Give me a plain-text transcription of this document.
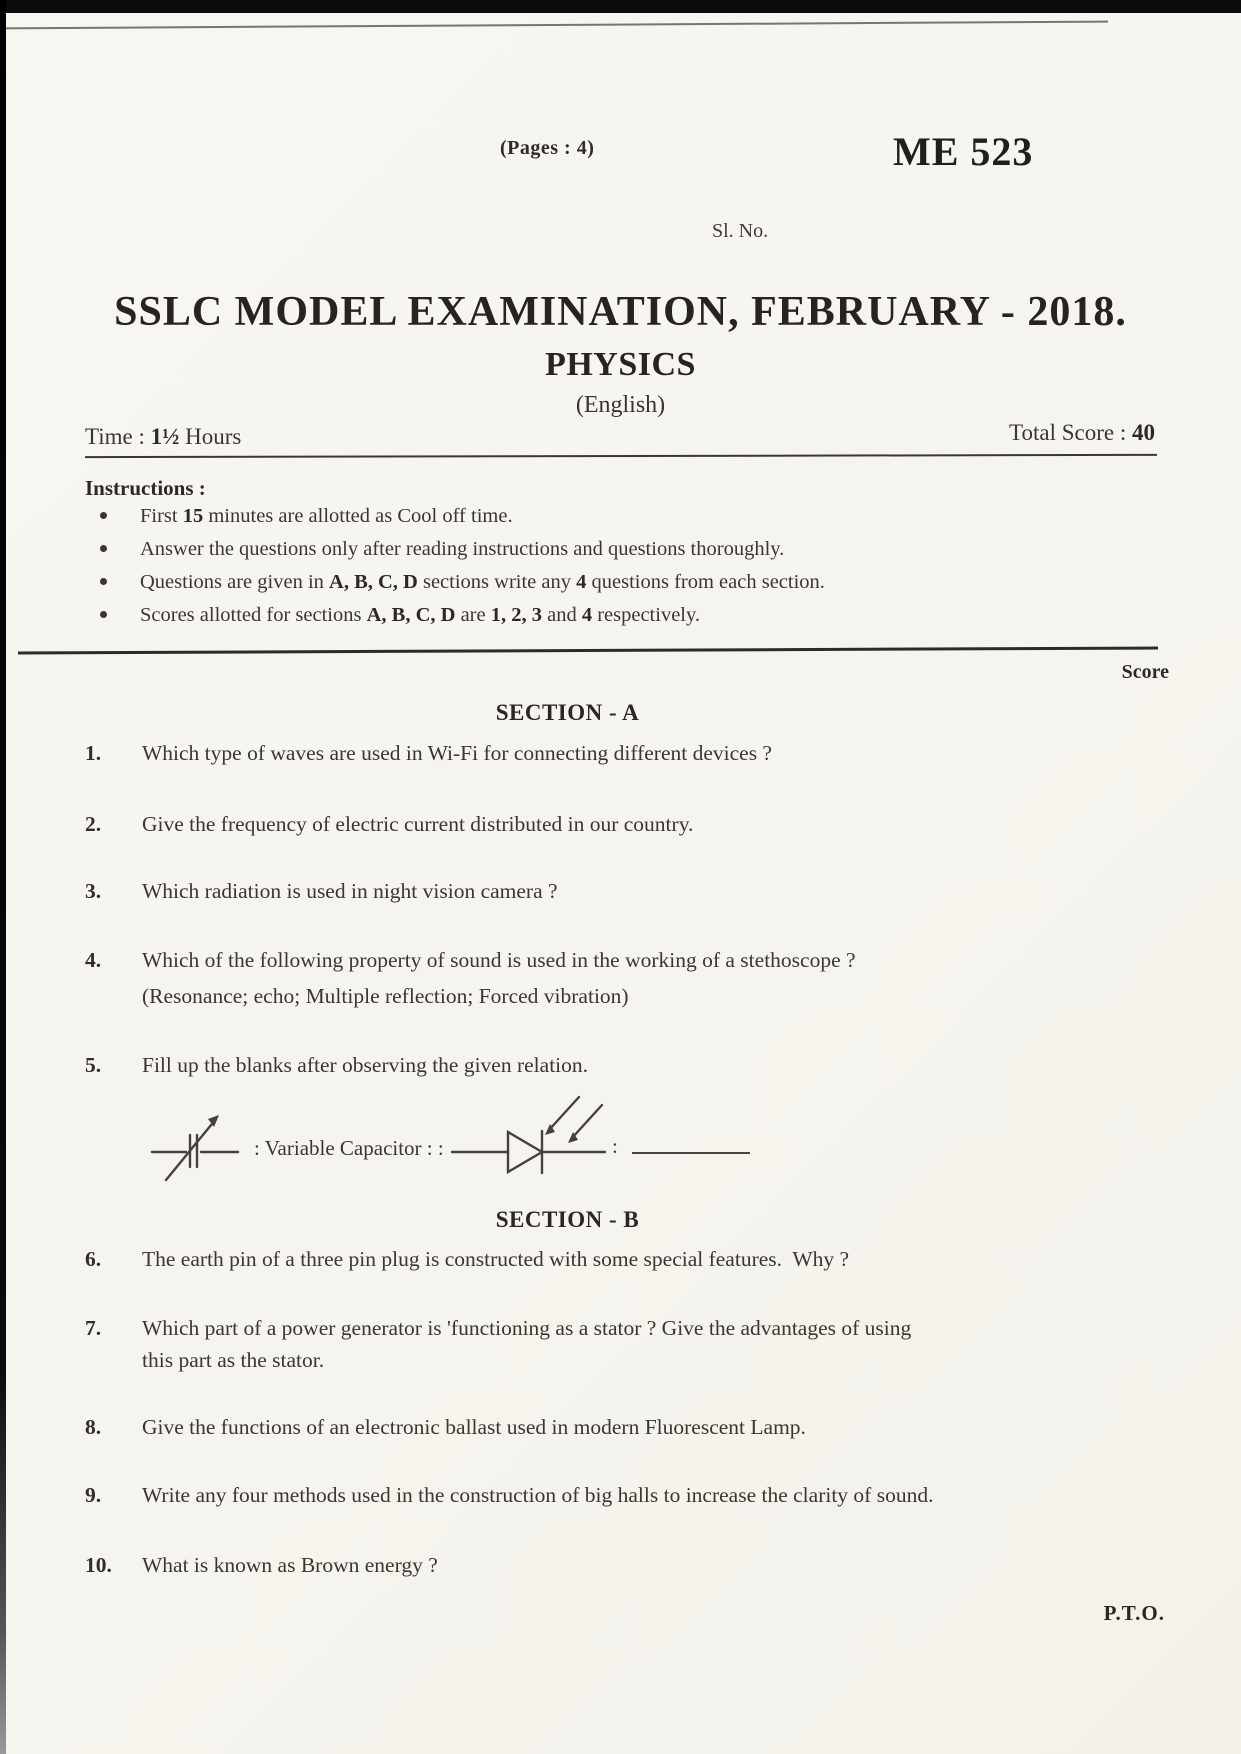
(Pages : 4)	ME 523
Sl. No.
SSLC MODEL EXAMINATION, FEBRUARY - 2018.
PHYSICS
(English)
Time : 1½ Hours	Total Score : 40
Instructions :
First 15 minutes are allotted as Cool off time.
Answer the questions only after reading instructions and questions thoroughly.
Questions are given in A, B, C, D sections write any 4 questions from each section.
Scores allotted for sections A, B, C, D are 1, 2, 3 and 4 respectively.
Score
SECTION - A
1. Which type of waves are used in Wi-Fi for connecting different devices ?
2. Give the frequency of electric current distributed in our country.
3. Which radiation is used in night vision camera ?
4. Which of the following property of sound is used in the working of a stethoscope ?
(Resonance; echo; Multiple reflection; Forced vibration)
5. Fill up the blanks after observing the given relation.
: Variable Capacitor : :	:
SECTION - B
6. The earth pin of a three pin plug is constructed with some special features.  Why ?
7. Which part of a power generator is 'functioning as a stator ? Give the advantages of using
this part as the stator.
8. Give the functions of an electronic ballast used in modern Fluorescent Lamp.
9. Write any four methods used in the construction of big halls to increase the clarity of sound.
10. What is known as Brown energy ?
P.T.O.
